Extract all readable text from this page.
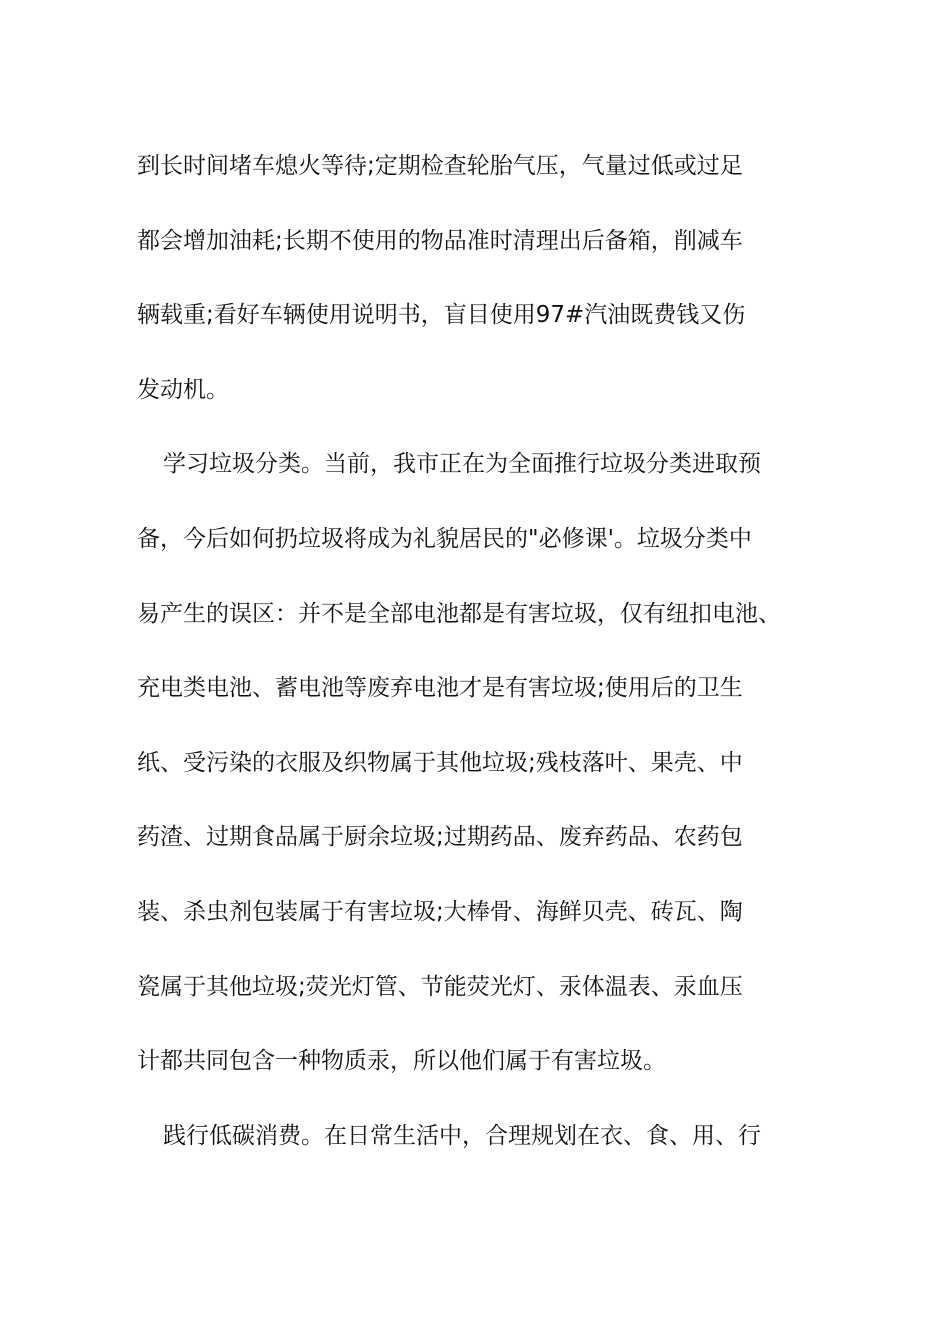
到长时间堵车熄火等待;定期检查轮胎气压，气量过低或过足
都会增加油耗;长期不使用的物品准时清理出后备箱，削减车
辆载重;看好车辆使用说明书，盲目使用97#汽油既费钱又伤
发动机。
学习垃圾分类。当前，我市正在为全面推行垃圾分类进取预
备，今后如何扔垃圾将成为礼貌居民的"必修课'。垃圾分类中
易产生的误区：并不是全部电池都是有害垃圾，仅有纽扣电池、
充电类电池、蓄电池等废弃电池才是有害垃圾;使用后的卫生
纸、受污染的衣服及织物属于其他垃圾;残枝落叶、果壳、中
药渣、过期食品属于厨余垃圾;过期药品、废弃药品、农药包
装、杀虫剂包装属于有害垃圾;大棒骨、海鲜贝壳、砖瓦、陶
瓷属于其他垃圾;荧光灯管、节能荧光灯、汞体温表、汞血压
计都共同包含一种物质汞，所以他们属于有害垃圾。
践行低碳消费。在日常生活中，合理规划在衣、食、用、行
